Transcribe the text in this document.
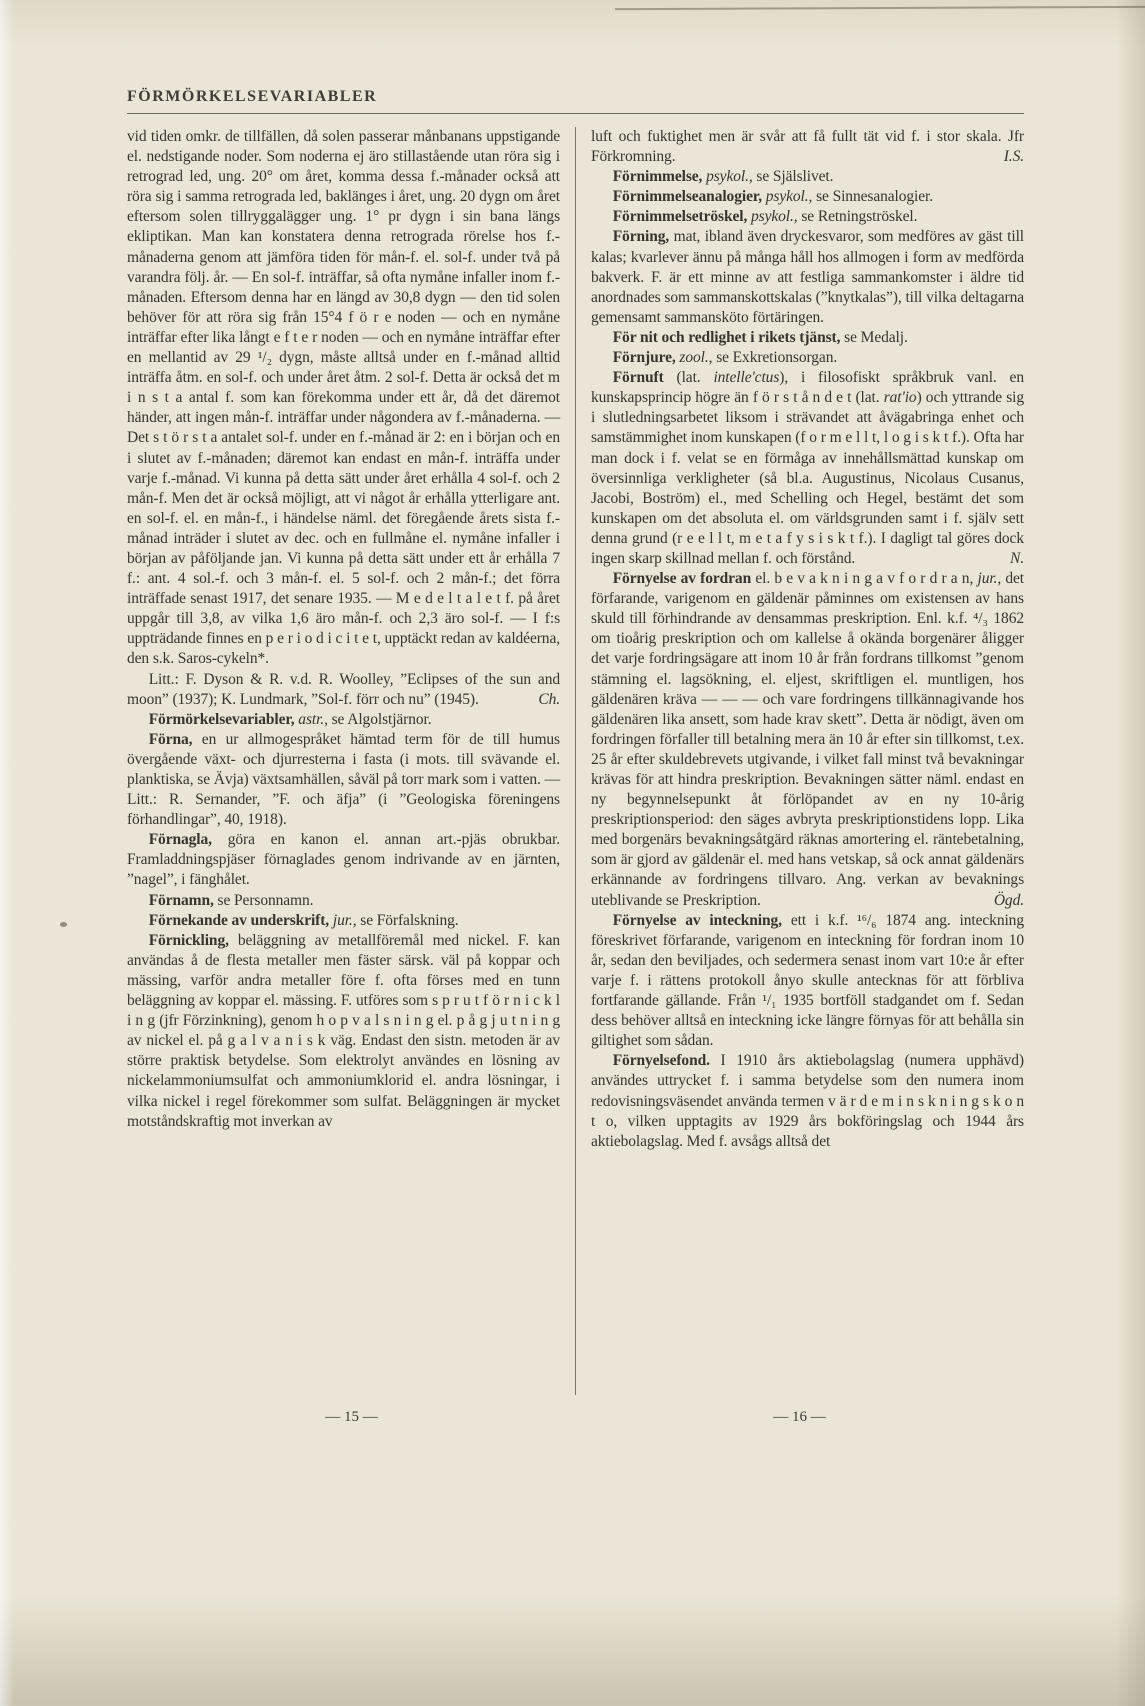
FÖRMÖRKELSEVARIABLER

vid tiden omkr. de tillfällen, då solen passerar månbanans uppstigande el. nedstigande noder. Som noderna ej äro stillastående utan röra sig i retrograd led, ung. 20° om året, komma dessa f.-månader också att röra sig i samma retrograda led, baklänges i året, ung. 20 dygn om året eftersom solen tillryggalägger ung. 1° pr dygn i sin bana längs ekliptikan. Man kan konstatera denna retrograda rörelse hos f.-månaderna genom att jämföra tiden för mån-f. el. sol-f. under två på varandra följ. år. — En sol-f. inträffar, så ofta nymåne infaller inom f.-månaden. Eftersom denna har en längd av 30,8 dygn — den tid solen behöver för att röra sig från 15°4 f ö r e noden — och en nymåne inträffar efter lika långt e f t e r noden — och en nymåne inträffar efter en mellantid av 29 ¹/₂ dygn, måste alltså under en f.-månad alltid inträffa åtm. en sol-f. och under året åtm. 2 sol-f. Detta är också det m i n s t a antal f. som kan förekomma under ett år, då det däremot händer, att ingen mån-f. inträffar under någondera av f.-månaderna. — Det s t ö r s t a antalet sol-f. under en f.-månad är 2: en i början och en i slutet av f.-månaden; däremot kan endast en mån-f. inträffa under varje f.-månad. Vi kunna på detta sätt under året erhålla 4 sol-f. och 2 mån-f. Men det är också möjligt, att vi något år erhålla ytterligare ant. en sol-f. el. en mån-f., i händelse näml. det föregående årets sista f.-månad inträder i slutet av dec. och en fullmåne el. nymåne infaller i början av påföljande jan. Vi kunna på detta sätt under ett år erhålla 7 f.: ant. 4 sol.-f. och 3 mån-f. el. 5 sol-f. och 2 mån-f.; det förra inträffade senast 1917, det senare 1935. — M e d e l t a l e t f. på året uppgår till 3,8, av vilka 1,6 äro mån-f. och 2,3 äro sol-f. — I f:s uppträdande finnes en p e r i o d i c i t e t, upptäckt redan av kaldéerna, den s.k. Saros-cykeln*.

Litt.: F. Dyson & R. v.d. R. Woolley, ”Eclipses of the sun and moon” (1937); K. Lundmark, ”Sol-f. förr och nu” (1945).	Ch.

Förmörkelsevariabler, astr., se Algolstjärnor.

Förna, en ur allmogespråket hämtad term för de till humus övergående växt- och djurresterna i fasta (i mots. till svävande el. planktiska, se Ävja) växtsamhällen, såväl på torr mark som i vatten. — Litt.: R. Sernander, ”F. och äfja” (i ”Geologiska föreningens förhandlingar”, 40, 1918).

Förnagla, göra en kanon el. annan art.-pjäs obrukbar. Framladdningspjäser förnaglades genom indrivande av en järnten, ”nagel”, i fänghålet.

Förnamn, se Personnamn.

Förnekande av underskrift, jur., se Förfalskning.

Förnickling, beläggning av metallföremål med nickel. F. kan användas å de flesta metaller men fäster särsk. väl på koppar och mässing, varför andra metaller före f. ofta förses med en tunn beläggning av koppar el. mässing. F. utföres som s p r u t f ö r n i c k l i n g (jfr Förzinkning), genom h o p v a l s n i n g el. p å g j u t n i n g av nickel el. på g a l v a n i s k väg. Endast den sistn. metoden är av större praktisk betydelse. Som elektrolyt användes en lösning av nickelammoniumsulfat och ammoniumklorid el. andra lösningar, i vilka nickel i regel förekommer som sulfat. Beläggningen är mycket motståndskraftig mot inverkan av

luft och fuktighet men är svår att få fullt tät vid f. i stor skala. Jfr Förkromning.	I.S.

Förnimmelse, psykol., se Själslivet.

Förnimmelseanalogier, psykol., se Sinnesanalogier.

Förnimmelsetröskel, psykol., se Retningströskel.

Förning, mat, ibland även dryckesvaror, som medföres av gäst till kalas; kvarlever ännu på många håll hos allmogen i form av medförda bakverk. F. är ett minne av att festliga sammankomster i äldre tid anordnades som sammanskottskalas (”knytkalas”), till vilka deltagarna gemensamt sammansköto förtäringen.

För nit och redlighet i rikets tjänst, se Medalj.

Förnjure, zool., se Exkretionsorgan.

Förnuft (lat. intelle'ctus), i filosofiskt språkbruk vanl. en kunskapsprincip högre än f ö r s t å n d e t (lat. rat'io) och yttrande sig i slutledningsarbetet liksom i strävandet att åvägabringa enhet och samstämmighet inom kunskapen (f o r m e l l t, l o g i s k t f.). Ofta har man dock i f. velat se en förmåga av innehållsmättad kunskap om översinnliga verkligheter (så bl.a. Augustinus, Nicolaus Cusanus, Jacobi, Boström) el., med Schelling och Hegel, bestämt det som kunskapen om det absoluta el. om världsgrunden samt i f. själv sett denna grund (r e e l l t, m e t a f y s i s k t f.). I dagligt tal göres dock ingen skarp skillnad mellan f. och förstånd.	N.

Förnyelse av fordran el. b e v a k n i n g a v f o r d r a n, jur., det förfarande, varigenom en gäldenär påminnes om existensen av hans skuld till förhindrande av densammas preskription. Enl. k.f. ⁴/₃ 1862 om tioårig preskription och om kallelse å okända borgenärer åligger det varje fordringsägare att inom 10 år från fordrans tillkomst ”genom stämning el. lagsökning, el. eljest, skriftligen el. muntligen, hos gäldenären kräva — — — och vare fordringens tillkännagivande hos gäldenären lika ansett, som hade krav skett”. Detta är nödigt, även om fordringen förfaller till betalning mera än 10 år efter sin tillkomst, t.ex. 25 år efter skuldebrevets utgivande, i vilket fall minst två bevakningar krävas för att hindra preskription. Bevakningen sätter näml. endast en ny begynnelsepunkt åt förlöpandet av en ny 10-årig preskriptionsperiod: den säges avbryta preskriptionstidens lopp. Lika med borgenärs bevakningsåtgärd räknas amortering el. räntebetalning, som är gjord av gäldenär el. med hans vetskap, så ock annat gäldenärs erkännande av fordringens tillvaro. Ang. verkan av bevaknings uteblivande se Preskription.	Ögd.

Förnyelse av inteckning, ett i k.f. ¹⁶/₆ 1874 ang. inteckning föreskrivet förfarande, varigenom en inteckning för fordran inom 10 år, sedan den beviljades, och sedermera senast inom vart 10:e år efter varje f. i rättens protokoll ånyo skulle antecknas för att förbliva fortfarande gällande. Från ¹/₁ 1935 bortföll stadgandet om f. Sedan dess behöver alltså en inteckning icke längre förnyas för att behålla sin giltighet som sådan.

Förnyelsefond. I 1910 års aktiebolagslag (numera upphävd) användes uttrycket f. i samma betydelse som den numera inom redovisningsväsendet använda termen v ä r d e m i n s k n i n g s k o n t o, vilken upptagits av 1929 års bokföringslag och 1944 års aktiebolagslag. Med f. avsågs alltså det

— 15 —	— 16 —
